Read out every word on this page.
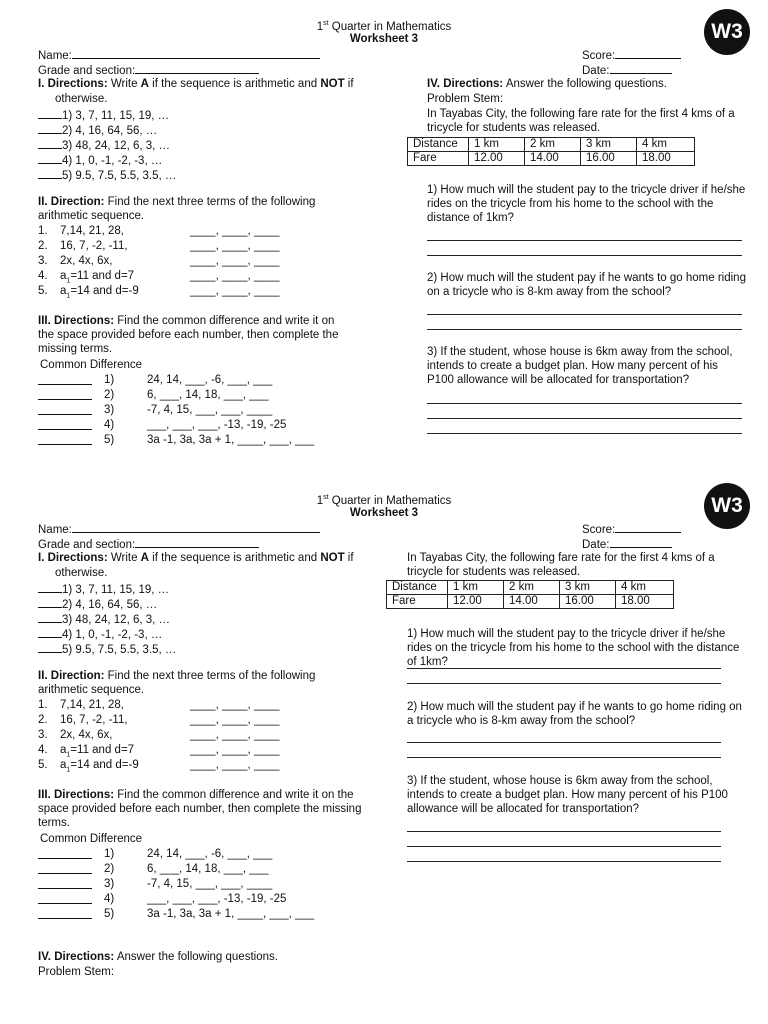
1st Quarter in Mathematics
Worksheet 3	W3
Name:
Grade and section:
Score:
Date:
I. Directions: Write A if the sequence is arithmetic and NOT if
otherwise.
1) 3, 7, 11, 15, 19, …
2) 4, 16, 64, 56, …
3) 48, 24, 12, 6, 3, …
4) 1, 0, -1, -2, -3, …
5) 9.5, 7.5, 5.5, 3.5, …
II. Direction: Find the next three terms of the following arithmetic sequence.
1. 7,14, 21, 28,	____, ____, ____
2. 16, 7, -2, -11,	____, ____, ____
3. 2x, 4x, 6x,	____, ____, ____
4. $a_1=11$ and d=7	____, ____, ____
5. $a_1=14$ and d=-9	____, ____, ____
III. Directions: Find the common difference and write it on the space provided before each number, then complete the missing terms.
Common Difference
1)	24, 14, ___, -6, ___, ___
2)	6, ___, 14, 18, ___, ___
3)	-7, 4, 15, ___, ___, ____
4)	___, ___, ___, -13, -19, -25
5)	3a -1, 3a, 3a + 1, ____, ___, ___
IV. Directions: Answer the following questions.
Problem Stem:
In Tayabas City, the following fare rate for the first 4 kms of a tricycle for students was released.
Distance	1 km	2 km	3 km	4 km
Fare	12.00	14.00	16.00	18.00
1) How much will the student pay to the tricycle driver if he/she rides on the tricycle from his home to the school with the distance of 1km?
2) How much will the student pay if he wants to go home riding on a tricycle who is 8-km away from the school?
3) If the student, whose house is 6km away from the school, intends to create a budget plan. How many percent of his P100 allowance will be allocated for transportation?
1st Quarter in Mathematics
Worksheet 3	W3
Name:
Grade and section:
Score:
Date:
I. Directions: Write A if the sequence is arithmetic and NOT if
otherwise.
1) 3, 7, 11, 15, 19, …
2) 4, 16, 64, 56, …
3) 48, 24, 12, 6, 3, …
4) 1, 0, -1, -2, -3, …
5) 9.5, 7.5, 5.5, 3.5, …
II. Direction: Find the next three terms of the following arithmetic sequence.
1. 7,14, 21, 28,	____, ____, ____
2. 16, 7, -2, -11,	____, ____, ____
3. 2x, 4x, 6x,	____, ____, ____
4. $a_1=11$ and d=7	____, ____, ____
5. $a_1=14$ and d=-9	____, ____, ____
III. Directions: Find the common difference and write it on the space provided before each number, then complete the missing terms.
Common Difference
1)	24, 14, ___, -6, ___, ___
2)	6, ___, 14, 18, ___, ___
3)	-7, 4, 15, ___, ___, ____
4)	___, ___, ___, -13, -19, -25
5)	3a -1, 3a, 3a + 1, ____, ___, ___
In Tayabas City, the following fare rate for the first 4 kms of a tricycle for students was released.
Distance	1 km	2 km	3 km	4 km
Fare	12.00	14.00	16.00	18.00
1) How much will the student pay to the tricycle driver if he/she rides on the tricycle from his home to the school with the distance of 1km?
2) How much will the student pay if he wants to go home riding on a tricycle who is 8-km away from the school?
3) If the student, whose house is 6km away from the school, intends to create a budget plan. How many percent of his P100 allowance will be allocated for transportation?
IV. Directions: Answer the following questions.
Problem Stem:
